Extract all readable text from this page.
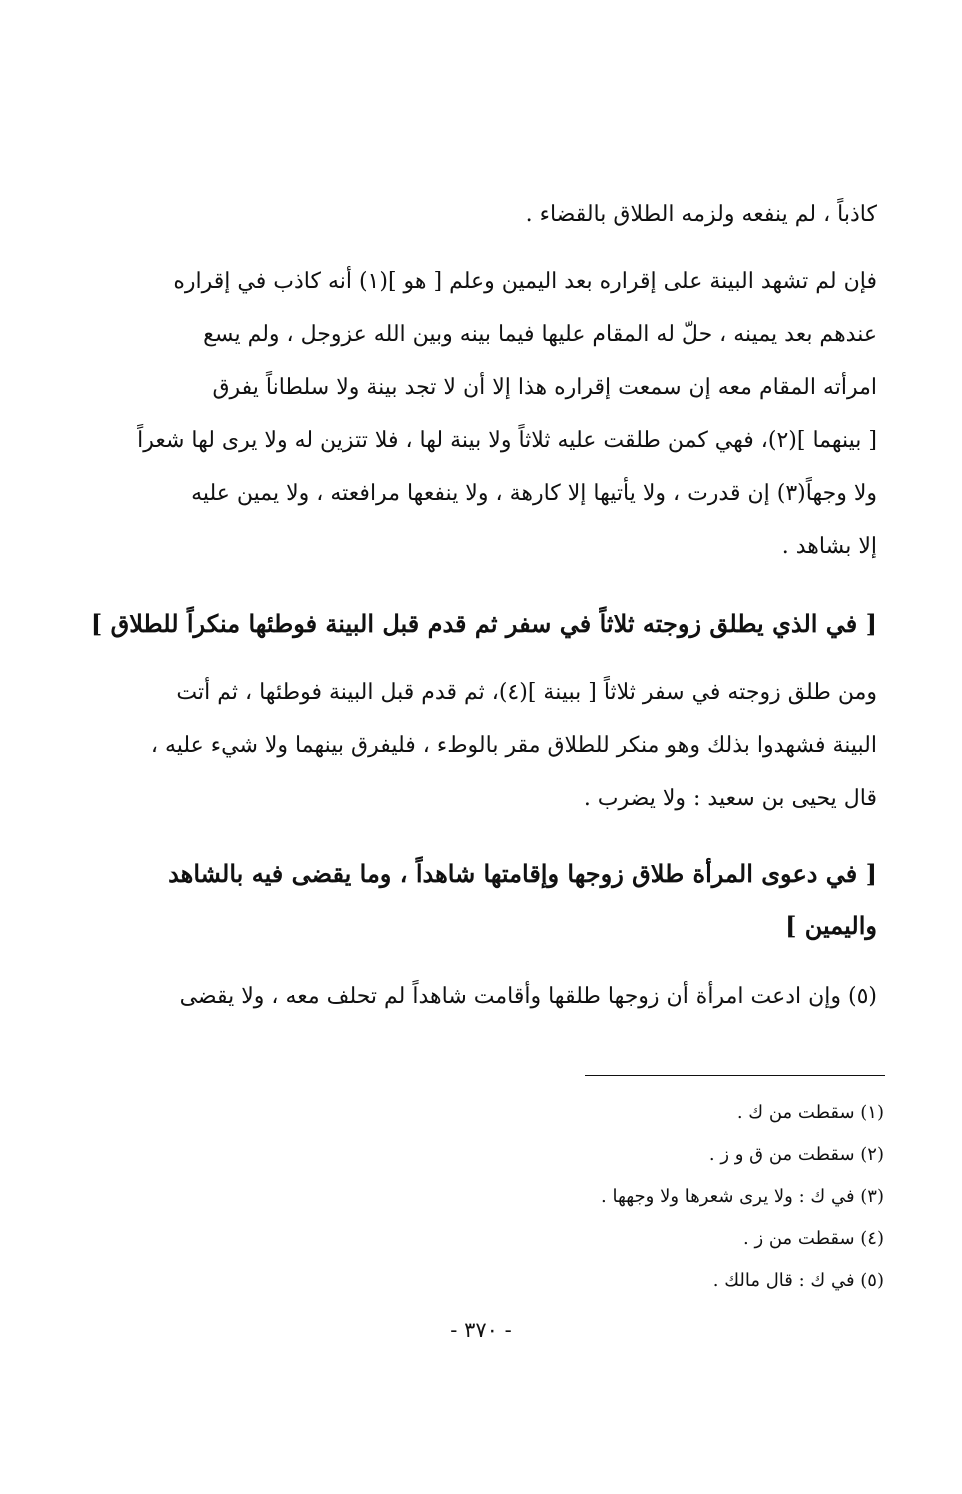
كاذباً ، لم ينفعه ولزمه الطلاق بالقضاء .
فإن لم تشهد البينة على إقراره بعد اليمين وعلم [ هو ](١) أنه كاذب في إقراره
عندهم بعد يمينه ، حلّ له المقام عليها فيما بينه وبين الله عزوجل ، ولم يسع
امرأته المقام معه إن سمعت إقراره هذا إلا أن لا تجد بينة ولا سلطاناً يفرق
[ بينهما ](٢)، فهي كمن طلقت عليه ثلاثاً ولا بينة لها ، فلا تتزين له ولا يرى لها شعراً
ولا وجهاً(٣) إن قدرت ، ولا يأتيها إلا كارهة ، ولا ينفعها مرافعته ، ولا يمين عليه
إلا بشاهد .
[ في الذي يطلق زوجته ثلاثاً في سفر ثم قدم قبل البينة فوطئها منكراً للطلاق ]
ومن طلق زوجته في سفر ثلاثاً [ ببينة ](٤)، ثم قدم قبل البينة فوطئها ، ثم أتت
البينة فشهدوا بذلك وهو منكر للطلاق مقر بالوطء ، فليفرق بينهما ولا شيء عليه ،
قال يحيى بن سعيد : ولا يضرب .
[ في دعوى المرأة طلاق زوجها وإقامتها شاهداً ، وما يقضى فيه بالشاهد
واليمين ]
(٥) وإن ادعت امرأة أن زوجها طلقها وأقامت شاهداً لم تحلف معه ، ولا يقضى
(١) سقطت من ك .
(٢) سقطت من ق و ز .
(٣) في ك : ولا يرى شعرها ولا وجهها .
(٤) سقطت من ز .
(٥) في ك : قال مالك .
- ٣٧٠ -
